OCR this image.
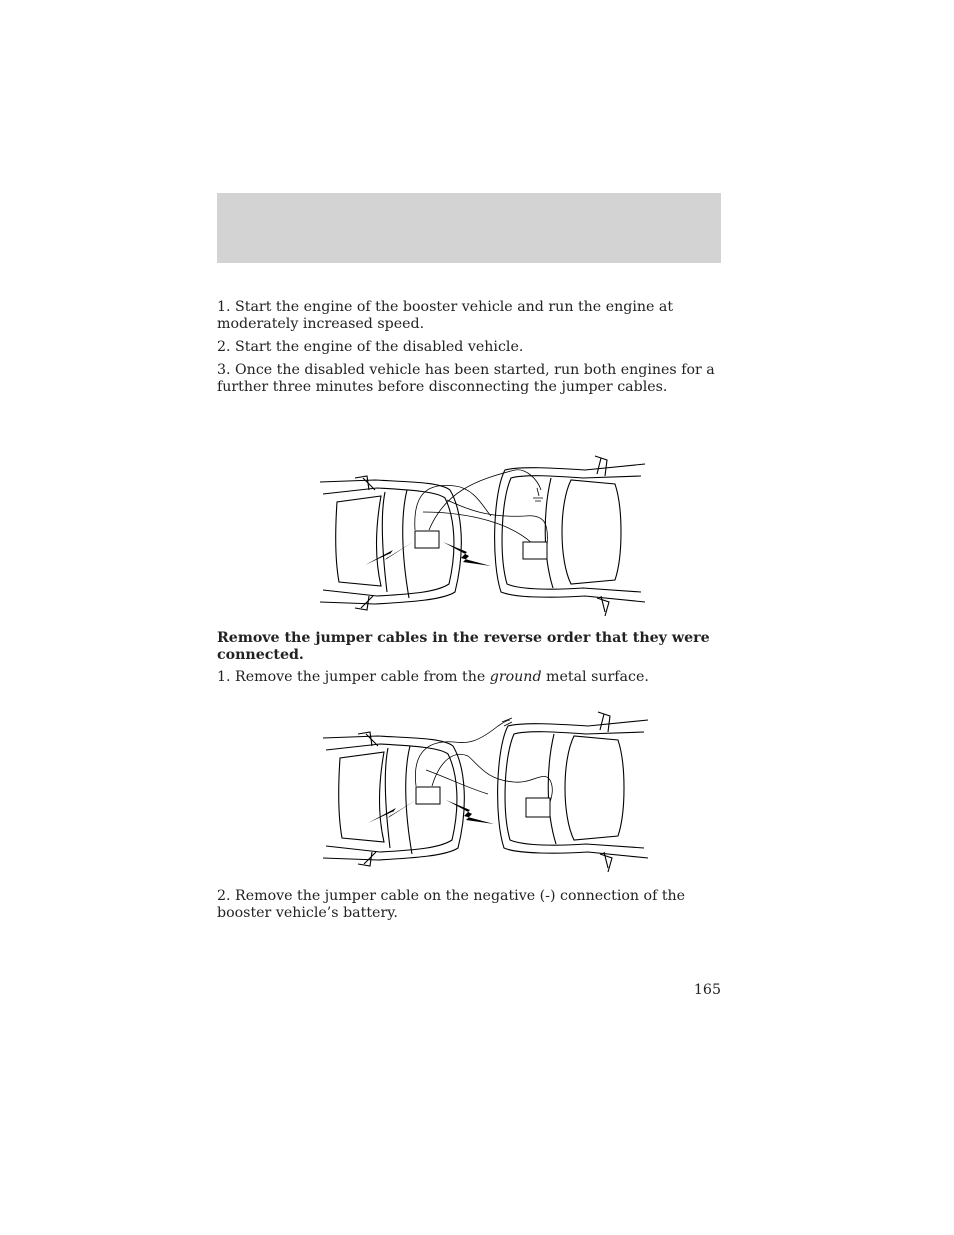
1. Start the engine of the booster vehicle and run the engine at moderately increased speed.

2. Start the engine of the disabled vehicle.

3. Once the disabled vehicle has been started, run both engines for a further three minutes before disconnecting the jumper cables.

Remove the jumper cables in the reverse order that they were connected.

1. Remove the jumper cable from the ground metal surface.

2. Remove the jumper cable on the negative (-) connection of the booster vehicle’s battery.

165
